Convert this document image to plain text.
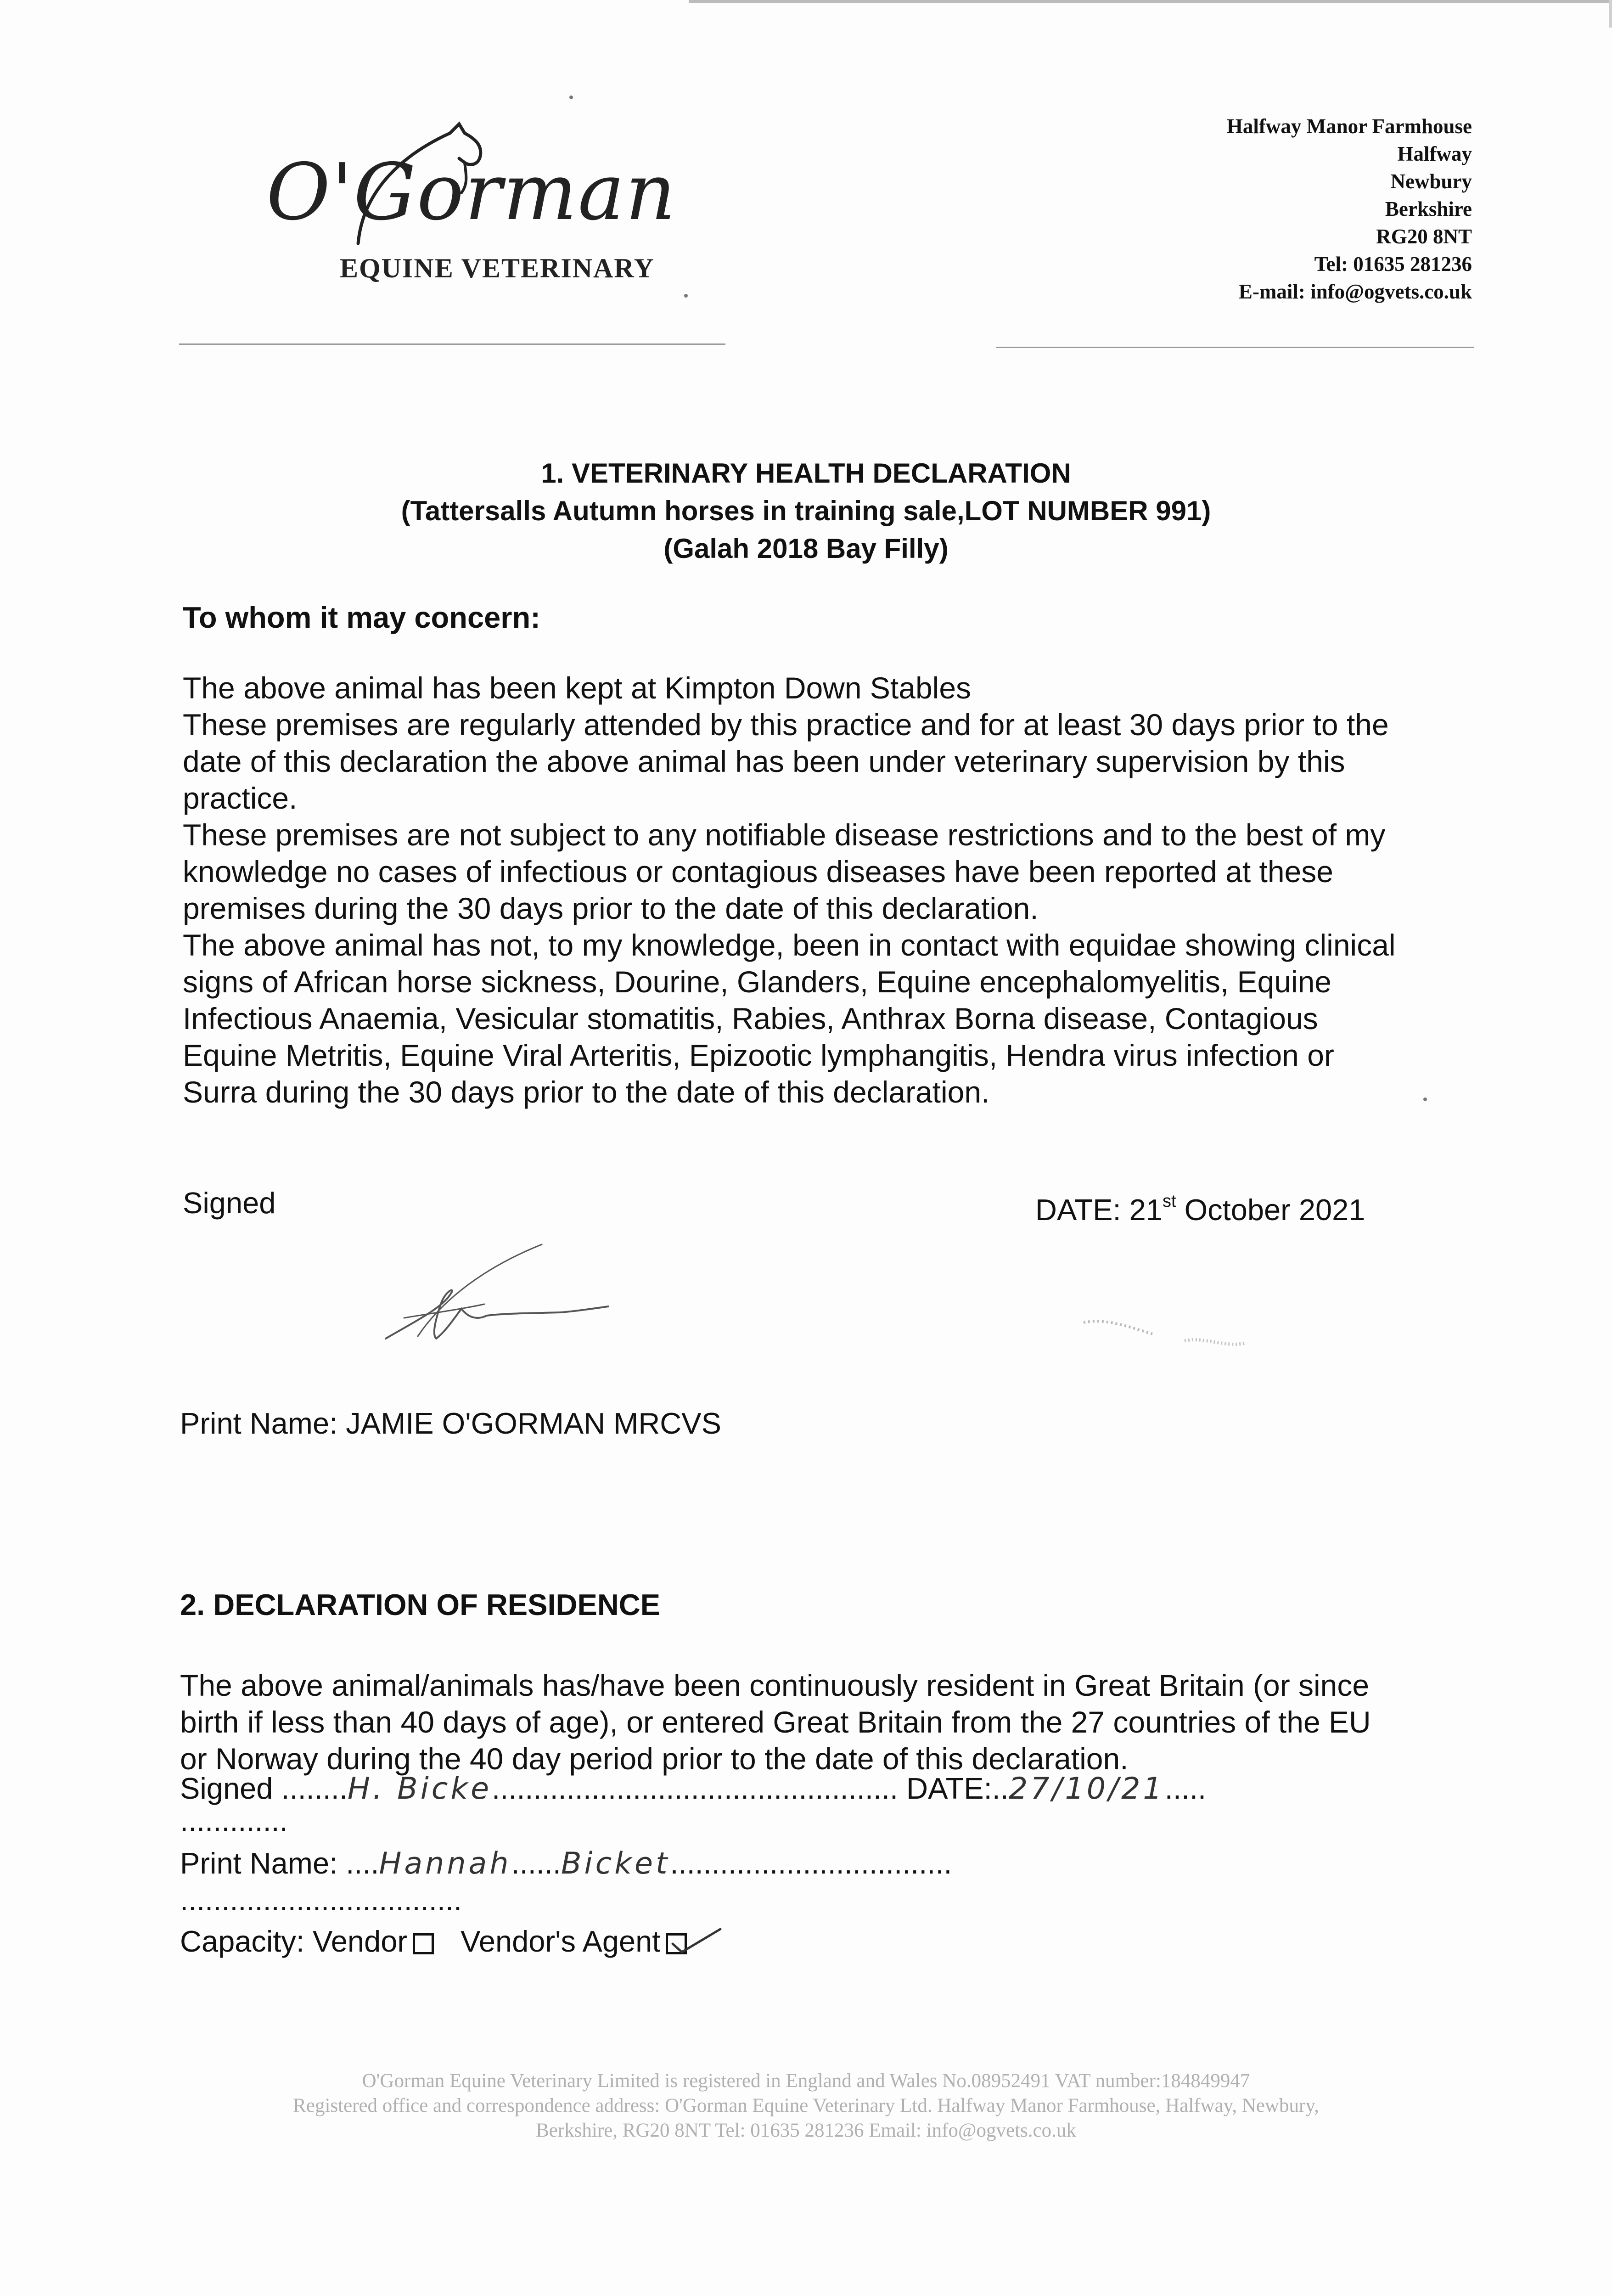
O'Gorman
EQUINE VETERINARY
Halfway Manor Farmhouse
Halfway
Newbury
Berkshire
RG20 8NT
Tel: 01635 281236
E-mail: info@ogvets.co.uk
1. VETERINARY HEALTH DECLARATION
(Tattersalls Autumn horses in training sale,LOT NUMBER 991)
(Galah 2018 Bay Filly)
To whom it may concern:
The above animal has been kept at Kimpton Down Stables
These premises are regularly attended by this practice and for at least 30 days prior to the
date of this declaration the above animal has been under veterinary supervision by this
practice.
These premises are not subject to any notifiable disease restrictions and to the best of my
knowledge no cases of infectious or contagious diseases have been reported at these
premises during the 30 days prior to the date of this declaration.
The above animal has not, to my knowledge, been in contact with equidae showing clinical
signs of African horse sickness, Dourine, Glanders, Equine encephalomyelitis, Equine
Infectious Anaemia, Vesicular stomatitis, Rabies, Anthrax Borna disease, Contagious
Equine Metritis, Equine Viral Arteritis, Epizootic lymphangitis, Hendra virus infection or
Surra during the 30 days prior to the date of this declaration.
Signed	DATE: 21st October 2021
Print Name: JAMIE O'GORMAN MRCVS
2. DECLARATION OF RESIDENCE
The above animal/animals has/have been continuously resident in Great Britain (or since
birth if less than 40 days of age), or entered Great Britain from the 27 countries of the EU
or Norway during the 40 day period prior to the date of this declaration.
Signed ........H. Bicke................................................. DATE:..27/10/21.....
.............
Print Name: ....Hannah......Bicket..................................
..................................
Capacity: Vendor Vendor's Agent
O'Gorman Equine Veterinary Limited is registered in England and Wales No.08952491 VAT number:184849947
Registered office and correspondence address: O'Gorman Equine Veterinary Ltd. Halfway Manor Farmhouse, Halfway, Newbury,
Berkshire, RG20 8NT Tel: 01635 281236 Email: info@ogvets.co.uk
